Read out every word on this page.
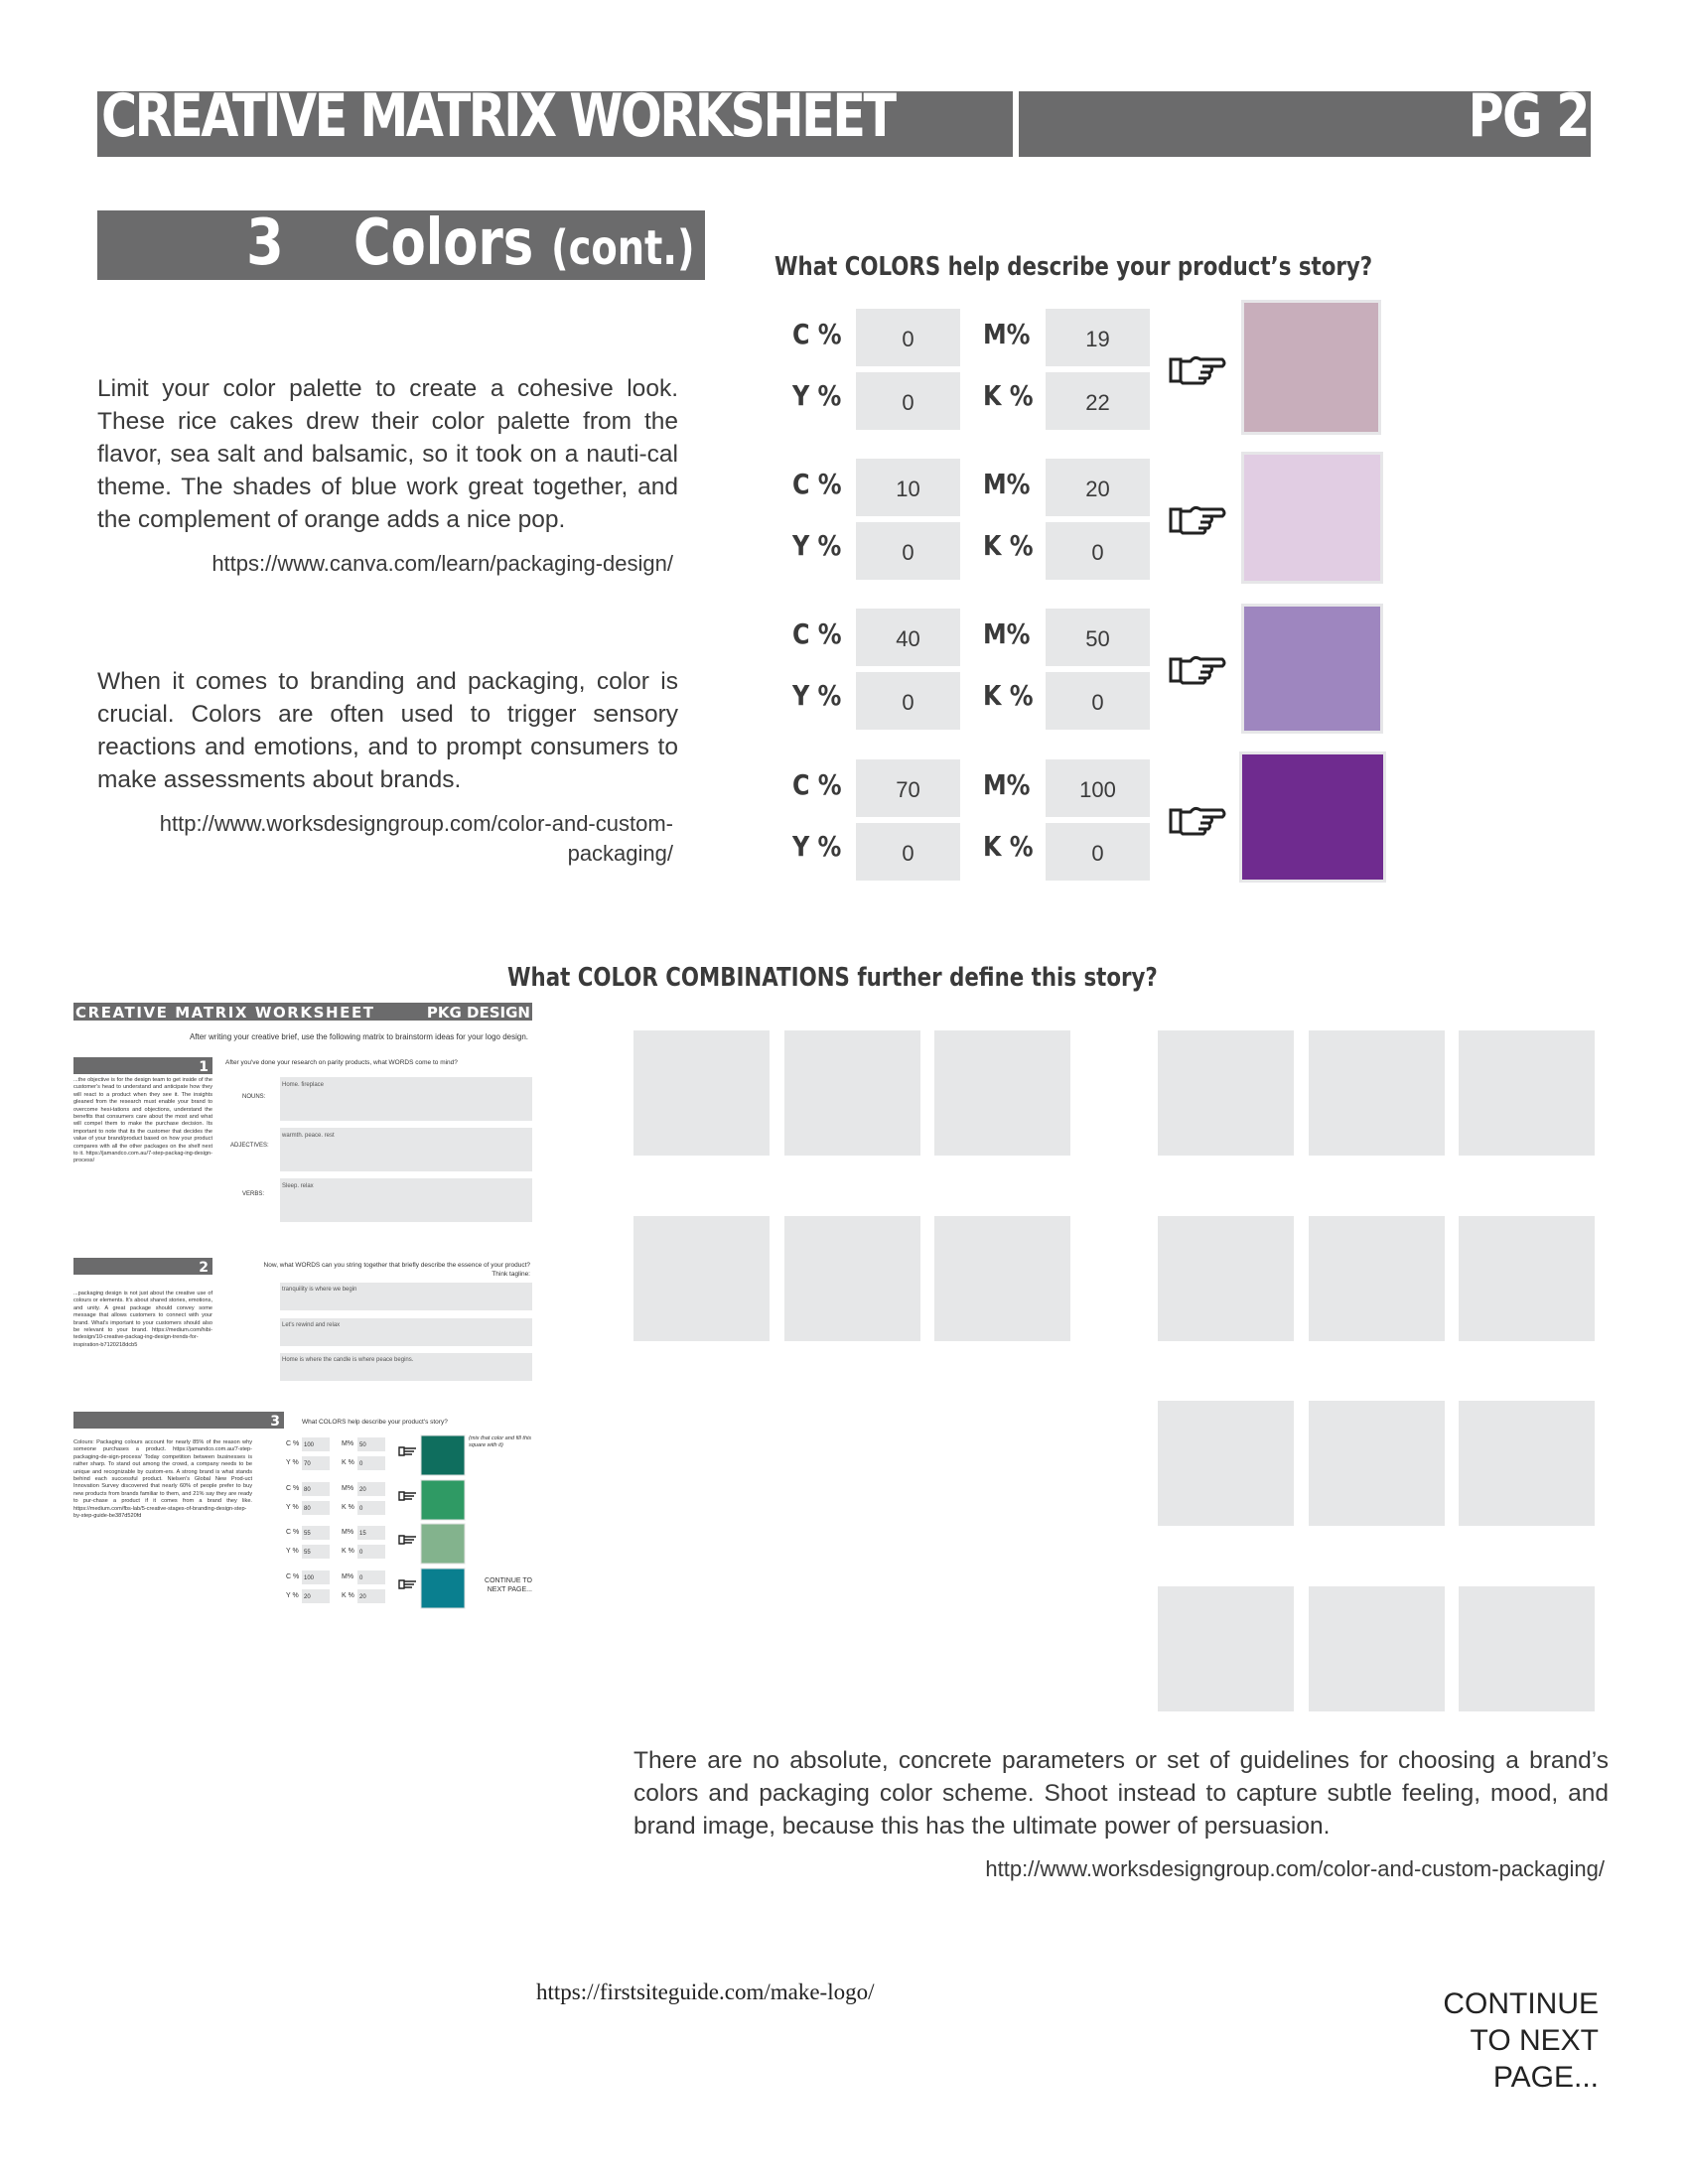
CREATIVE MATRIX WORKSHEET	PG 2
3 Colors (cont.)
Limit your color palette to create a cohesive look. These rice cakes drew their color palette from the flavor, sea salt and balsamic, so it took on a nauti-cal theme. The shades of blue work great together, and the complement of orange adds a nice pop.
https://www.canva.com/learn/packaging-design/
When it comes to branding and packaging, color is crucial. Colors are often used to trigger sensory reactions and emotions, and to prompt consumers to make assessments about brands.
http://www.worksdesigngroup.com/color-and-custom-
packaging/
What COLORS help describe your product’s story?
C %	0	M%	19
Y %	0	K %	22
C %	10	M%	20
Y %	0	K %	0
C %	40	M%	50
Y %	0	K %	0
C %	70	M%	100
Y %	0	K %	0
What COLOR COMBINATIONS further define this story?
CREATIVE MATRIX WORKSHEET	PKG DESIGN
After writing your creative brief, use the following matrix to brainstorm ideas for your logo design.
1
...the objective is for the design team to get inside of the customer's head to understand and anticipate how they will react to a product when they see it. The insights gleaned from the research must enable your brand to overcome hesi-tations and objections, understand the benefits that consumers care about the most and what will compel them to make the purchase decision. Its important to note that its the customer that decides the value of your brand/product based on how your product compares with all the other packages on the shelf next to it. https://jamandco.com.au/7-step-packag-ing-design-process/
After you've done your research on parity products, what WORDS come to mind?
NOUNS:
Home. fireplace
ADJECTIVES:
warmth. peace. rest
VERBS:
Sleep. relax
2	Now, what WORDS can you string together that briefly describe the essence of your product?
Think tagline:
...packaging design is not just about the creative use of colours or elements. It's about shared stories, emotions, and unity. A great package should convey some message that allows customers to connect with your brand. What's important to your customers should also be relevant to your brand. https://medium.com/hibi-tedesign/10-creative-packag-ing-design-trends-for-inspiration-b7120218dcb5
tranquility is where we begin
Let's rewind and relax
Home is where the candle is where peace begins.
3	What COLORS help describe your product's story?
Colours: Packaging colours account for nearly 85% of the reason why someone purchases a product. https://jamandco.com.au/7-step-packaging-de-sign-process/ Today competition between businesses is rather sharp. To stand out among the crowd, a company needs to be unique and recognizable by custom-ers. A strong brand is what stands behind each successful product. Nielsen's Global New Prod-uct Innovation Survey discovered that nearly 60% of people prefer to buy new products from brands familiar to them, and 21% say they are ready to pur-chase a product if it comes from a brand they like. https://medium.com/fbs-lab/5-creative-stages-of-branding-design-step-by-step-guide-be387d520fd
(mix that color and fill this square with it)
CONTINUE TO NEXT PAGE...
C % 100	M% 50
Y % 70	K % 0
C % 80	M% 20
Y % 80	K % 0
C % 55	M% 15
Y % 55	K % 0
C % 100	M% 0
Y % 20	K % 20
There are no absolute, concrete parameters or set of guidelines for choosing a brand’s colors and packaging color scheme. Shoot instead to capture subtle feeling, mood, and brand image, because this has the ultimate power of persuasion.
http://www.worksdesigngroup.com/color-and-custom-packaging/
https://firstsiteguide.com/make-logo/	CONTINUE
TO NEXT
PAGE...
